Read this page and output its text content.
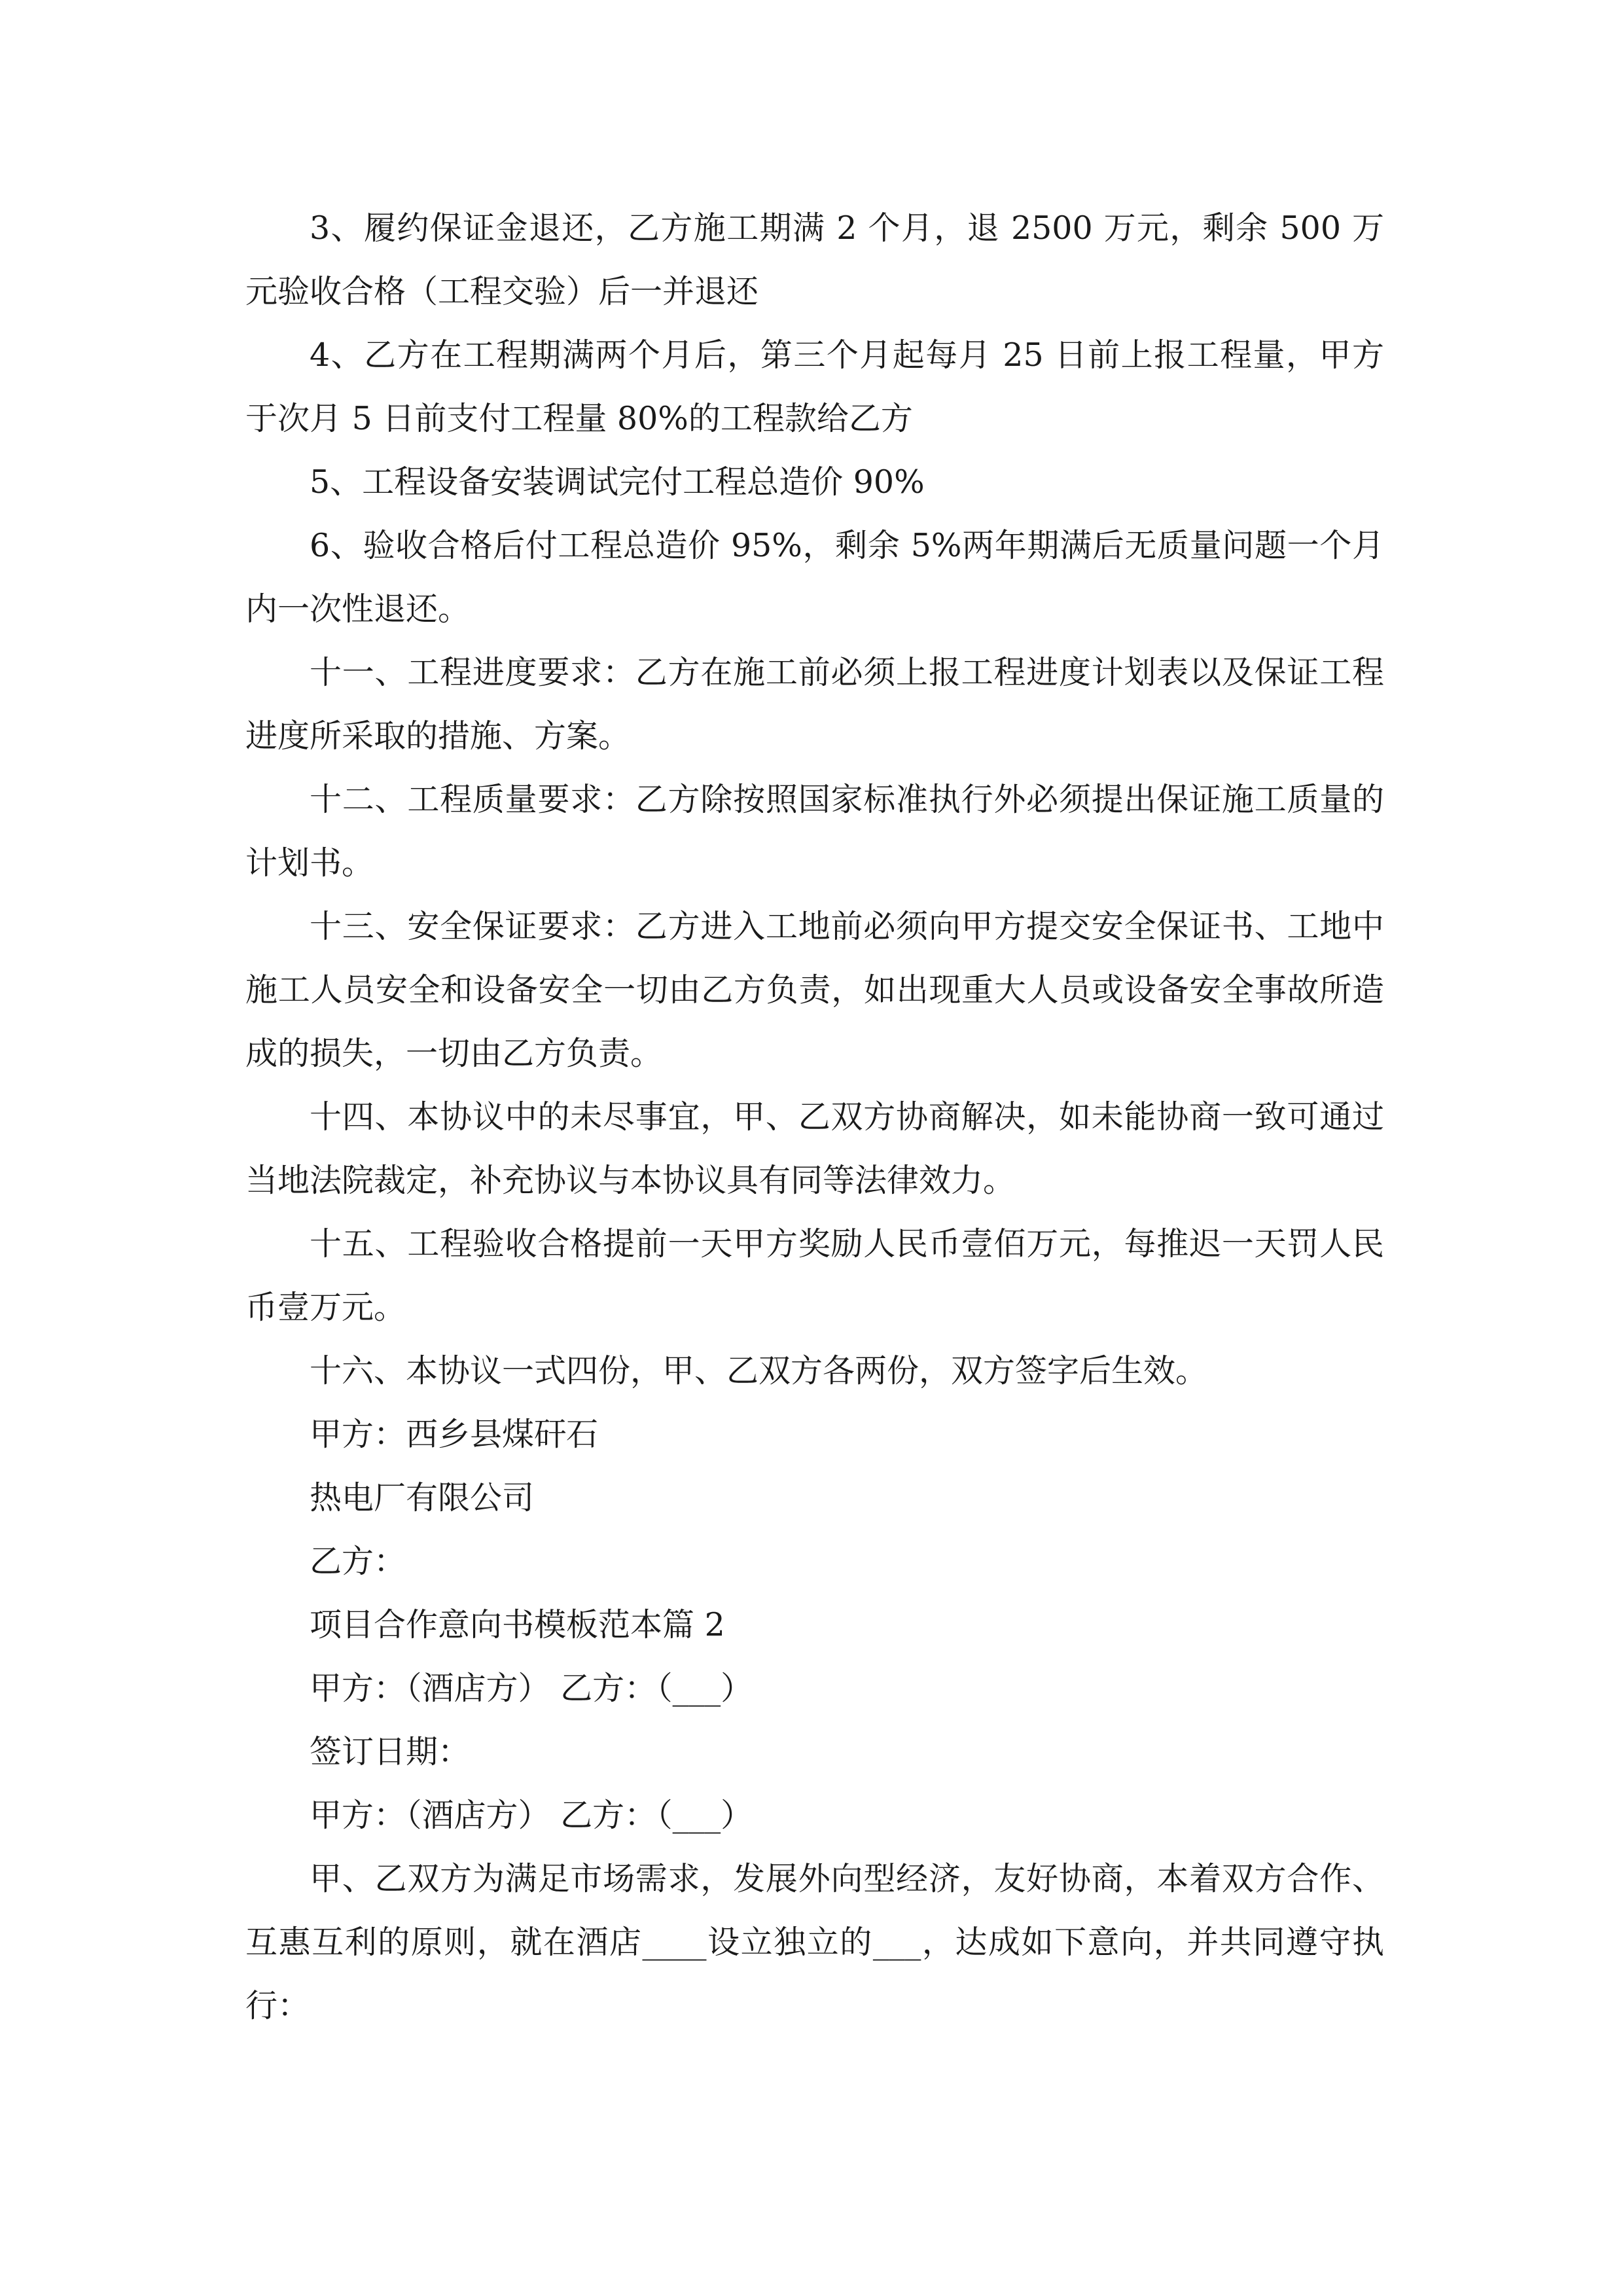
3、履约保证金退还，乙方施工期满 2 个月，退 2500 万元，剩余 500 万元验收合格（工程交验）后一并退还

4、乙方在工程期满两个月后，第三个月起每月 25 日前上报工程量，甲方于次月 5 日前支付工程量 80%的工程款给乙方

5、工程设备安装调试完付工程总造价 90%

6、验收合格后付工程总造价 95%，剩余 5%两年期满后无质量问题一个月内一次性退还。

十一、工程进度要求：乙方在施工前必须上报工程进度计划表以及保证工程进度所采取的措施、方案。

十二、工程质量要求：乙方除按照国家标准执行外必须提出保证施工质量的计划书。

十三、安全保证要求：乙方进入工地前必须向甲方提交安全保证书、工地中施工人员安全和设备安全一切由乙方负责，如出现重大人员或设备安全事故所造成的损失，一切由乙方负责。

十四、本协议中的未尽事宜，甲、乙双方协商解决，如未能协商一致可通过当地法院裁定，补充协议与本协议具有同等法律效力。

十五、工程验收合格提前一天甲方奖励人民币壹佰万元，每推迟一天罚人民币壹万元。

十六、本协议一式四份，甲、乙双方各两份，双方签字后生效。

甲方：西乡县煤矸石

热电厂有限公司

乙方：

项目合作意向书模板范本篇 2

甲方：（酒店方） 乙方：（___）

签订日期：

甲方：（酒店方） 乙方：（___）

甲、乙双方为满足市场需求，发展外向型经济，友好协商，本着双方合作、互惠互利的原则，就在酒店____设立独立的___，达成如下意向，并共同遵守执行：
